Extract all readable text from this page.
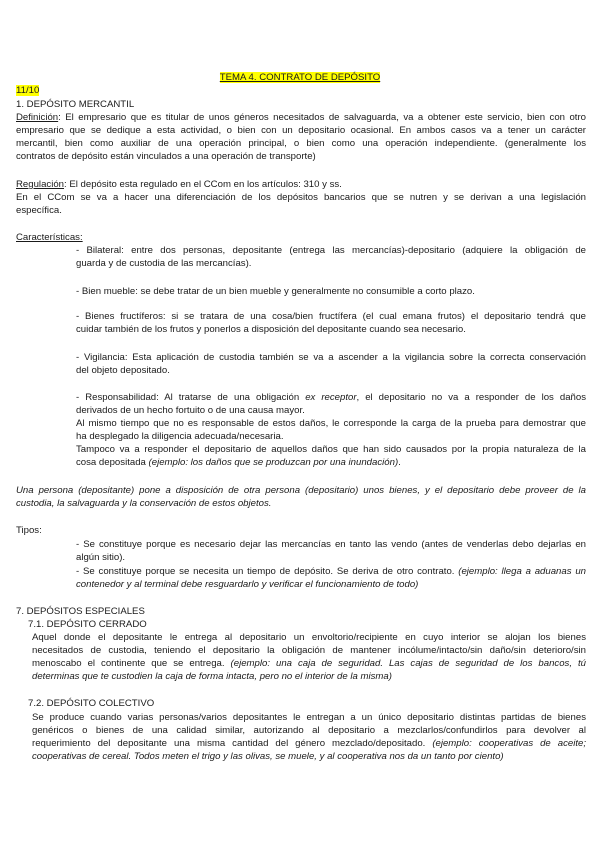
TEMA 4. CONTRATO DE DEPÓSITO
11/10
1. DEPÓSITO MERCANTIL
Definición: El empresario que es titular de unos géneros necesitados de salvaguarda, va a obtener este servicio, bien con otro
empresario que se dedique a esta actividad, o bien con un depositario ocasional. En ambos casos va a tener un carácter
mercantil, bien como auxiliar de una operación principal, o bien como una operación independiente. (generalmente los
contratos de depósito están vinculados a una operación de transporte)
Regulación: El depósito esta regulado en el CCom en los artículos: 310 y ss.
En el CCom se va a hacer una diferenciación de los depósitos bancarios que se nutren y se derivan a una legislación
específica.
Características:
- Bilateral: entre dos personas, depositante (entrega las mercancías)-depositario (adquiere la obligación de
guarda y de custodia de las mercancías).
- Bien mueble: se debe tratar de un bien mueble y generalmente no consumible a corto plazo.
- Bienes fructíferos: si se tratara de una cosa/bien fructífera (el cual emana frutos) el depositario tendrá que
cuidar también de los frutos y ponerlos a disposición del depositante cuando sea necesario.
- Vigilancia: Esta aplicación de custodia también se va a ascender a la vigilancia sobre la correcta conservación
del objeto depositado.
- Responsabilidad: Al tratarse de una obligación ex receptor, el depositario no va a responder de los daños
derivados de un hecho fortuito o de una causa mayor.
Al mismo tiempo que no es responsable de estos daños, le corresponde la carga de la prueba para demostrar que
ha desplegado la diligencia adecuada/necesaria.
Tampoco va a responder el depositario de aquellos daños que han sido causados por la propia naturaleza de la
cosa depositada (ejemplo: los daños que se produzcan por una inundación).
Una persona (depositante) pone a disposición de otra persona (depositario) unos bienes, y el depositario debe proveer de la
custodia, la salvaguarda y la conservación de estos objetos.
Tipos:
- Se constituye porque es necesario dejar las mercancías en tanto las vendo (antes de venderlas debo dejarlas en
algún sitio).
- Se constituye porque se necesita un tiempo de depósito. Se deriva de otro contrato. (ejemplo: llega a aduanas un
contenedor y al terminal debe resguardarlo y verificar el funcionamiento de todo)
7. DEPÓSITOS ESPECIALES
7.1. DEPÓSITO CERRADO
Aquel donde el depositante le entrega al depositario un envoltorio/recipiente en cuyo interior se alojan los bienes
necesitados de custodia, teniendo el depositario la obligación de mantener incólume/intacto/sin daño/sin deterioro/sin
menoscabo el continente que se entrega. (ejemplo: una caja de seguridad. Las cajas de seguridad de los bancos, tú
determinas que te custodien la caja de forma intacta, pero no el interior de la misma)
7.2. DEPÓSITO COLECTIVO
Se produce cuando varias personas/varios depositantes le entregan a un único depositario distintas partidas de bienes
genéricos o bienes de una calidad similar, autorizando al depositario a mezclarlos/confundirlos para devolver al
requerimiento del depositante una misma cantidad del género mezclado/depositado. (ejemplo: cooperativas de aceite;
cooperativas de cereal. Todos meten el trigo y las olivas, se muele, y al cooperativa nos da un tanto por ciento)
